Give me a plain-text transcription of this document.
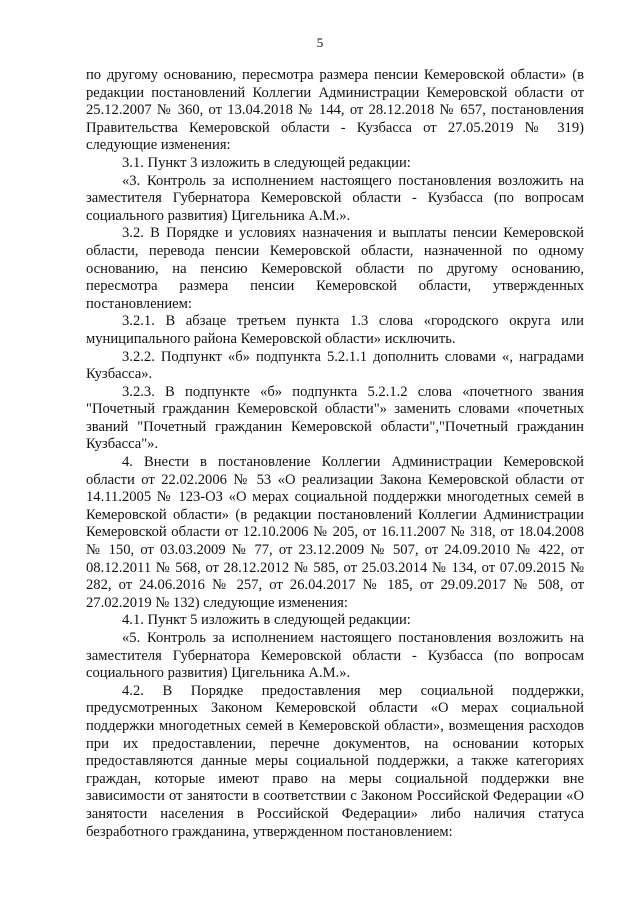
5

по другому основанию, пересмотра размера пенсии Кемеровской области» (в редакции постановлений Коллегии Администрации Кемеровской области от 25.12.2007 № 360, от 13.04.2018 № 144, от 28.12.2018 № 657, постановления Правительства Кемеровской области - Кузбасса от 27.05.2019 № 319) следующие изменения:

3.1. Пункт 3 изложить в следующей редакции:

«3. Контроль за исполнением настоящего постановления возложить на заместителя Губернатора Кемеровской области - Кузбасса (по вопросам социального развития) Цигельника А.М.».

3.2. В Порядке и условиях назначения и выплаты пенсии Кемеровской области, перевода пенсии Кемеровской области, назначенной по одному основанию, на пенсию Кемеровской области по другому основанию, пересмотра размера пенсии Кемеровской области, утвержденных постановлением:

3.2.1. В абзаце третьем пункта 1.3 слова «городского округа или муниципального района Кемеровской области» исключить.

3.2.2. Подпункт «б» подпункта 5.2.1.1 дополнить словами «, наградами Кузбасса».

3.2.3. В подпункте «б» подпункта 5.2.1.2 слова «почетного звания "Почетный гражданин Кемеровской области"» заменить словами «почетных званий "Почетный гражданин Кемеровской области","Почетный гражданин Кузбасса"».

4. Внести в постановление Коллегии Администрации Кемеровской области от 22.02.2006 № 53 «О реализации Закона Кемеровской области от 14.11.2005 № 123-ОЗ «О мерах социальной поддержки многодетных семей в Кемеровской области» (в редакции постановлений Коллегии Администрации Кемеровской области от 12.10.2006 № 205, от 16.11.2007 № 318, от 18.04.2008 № 150, от 03.03.2009 № 77, от 23.12.2009 № 507, от 24.09.2010 № 422, от 08.12.2011 № 568, от 28.12.2012 № 585, от 25.03.2014 № 134, от 07.09.2015 № 282, от 24.06.2016 № 257, от 26.04.2017 № 185, от 29.09.2017 № 508, от 27.02.2019 № 132) следующие изменения:

4.1. Пункт 5 изложить в следующей редакции:

«5. Контроль за исполнением настоящего постановления возложить на заместителя Губернатора Кемеровской области - Кузбасса (по вопросам социального развития) Цигельника А.М.».

4.2. В Порядке предоставления мер социальной поддержки, предусмотренных Законом Кемеровской области «О мерах социальной поддержки многодетных семей в Кемеровской области», возмещения расходов при их предоставлении, перечне документов, на основании которых предоставляются данные меры социальной поддержки, а также категориях граждан, которые имеют право на меры социальной поддержки вне зависимости от занятости в соответствии с Законом Российской Федерации «О занятости населения в Российской Федерации» либо наличия статуса безработного гражданина, утвержденном постановлением:
